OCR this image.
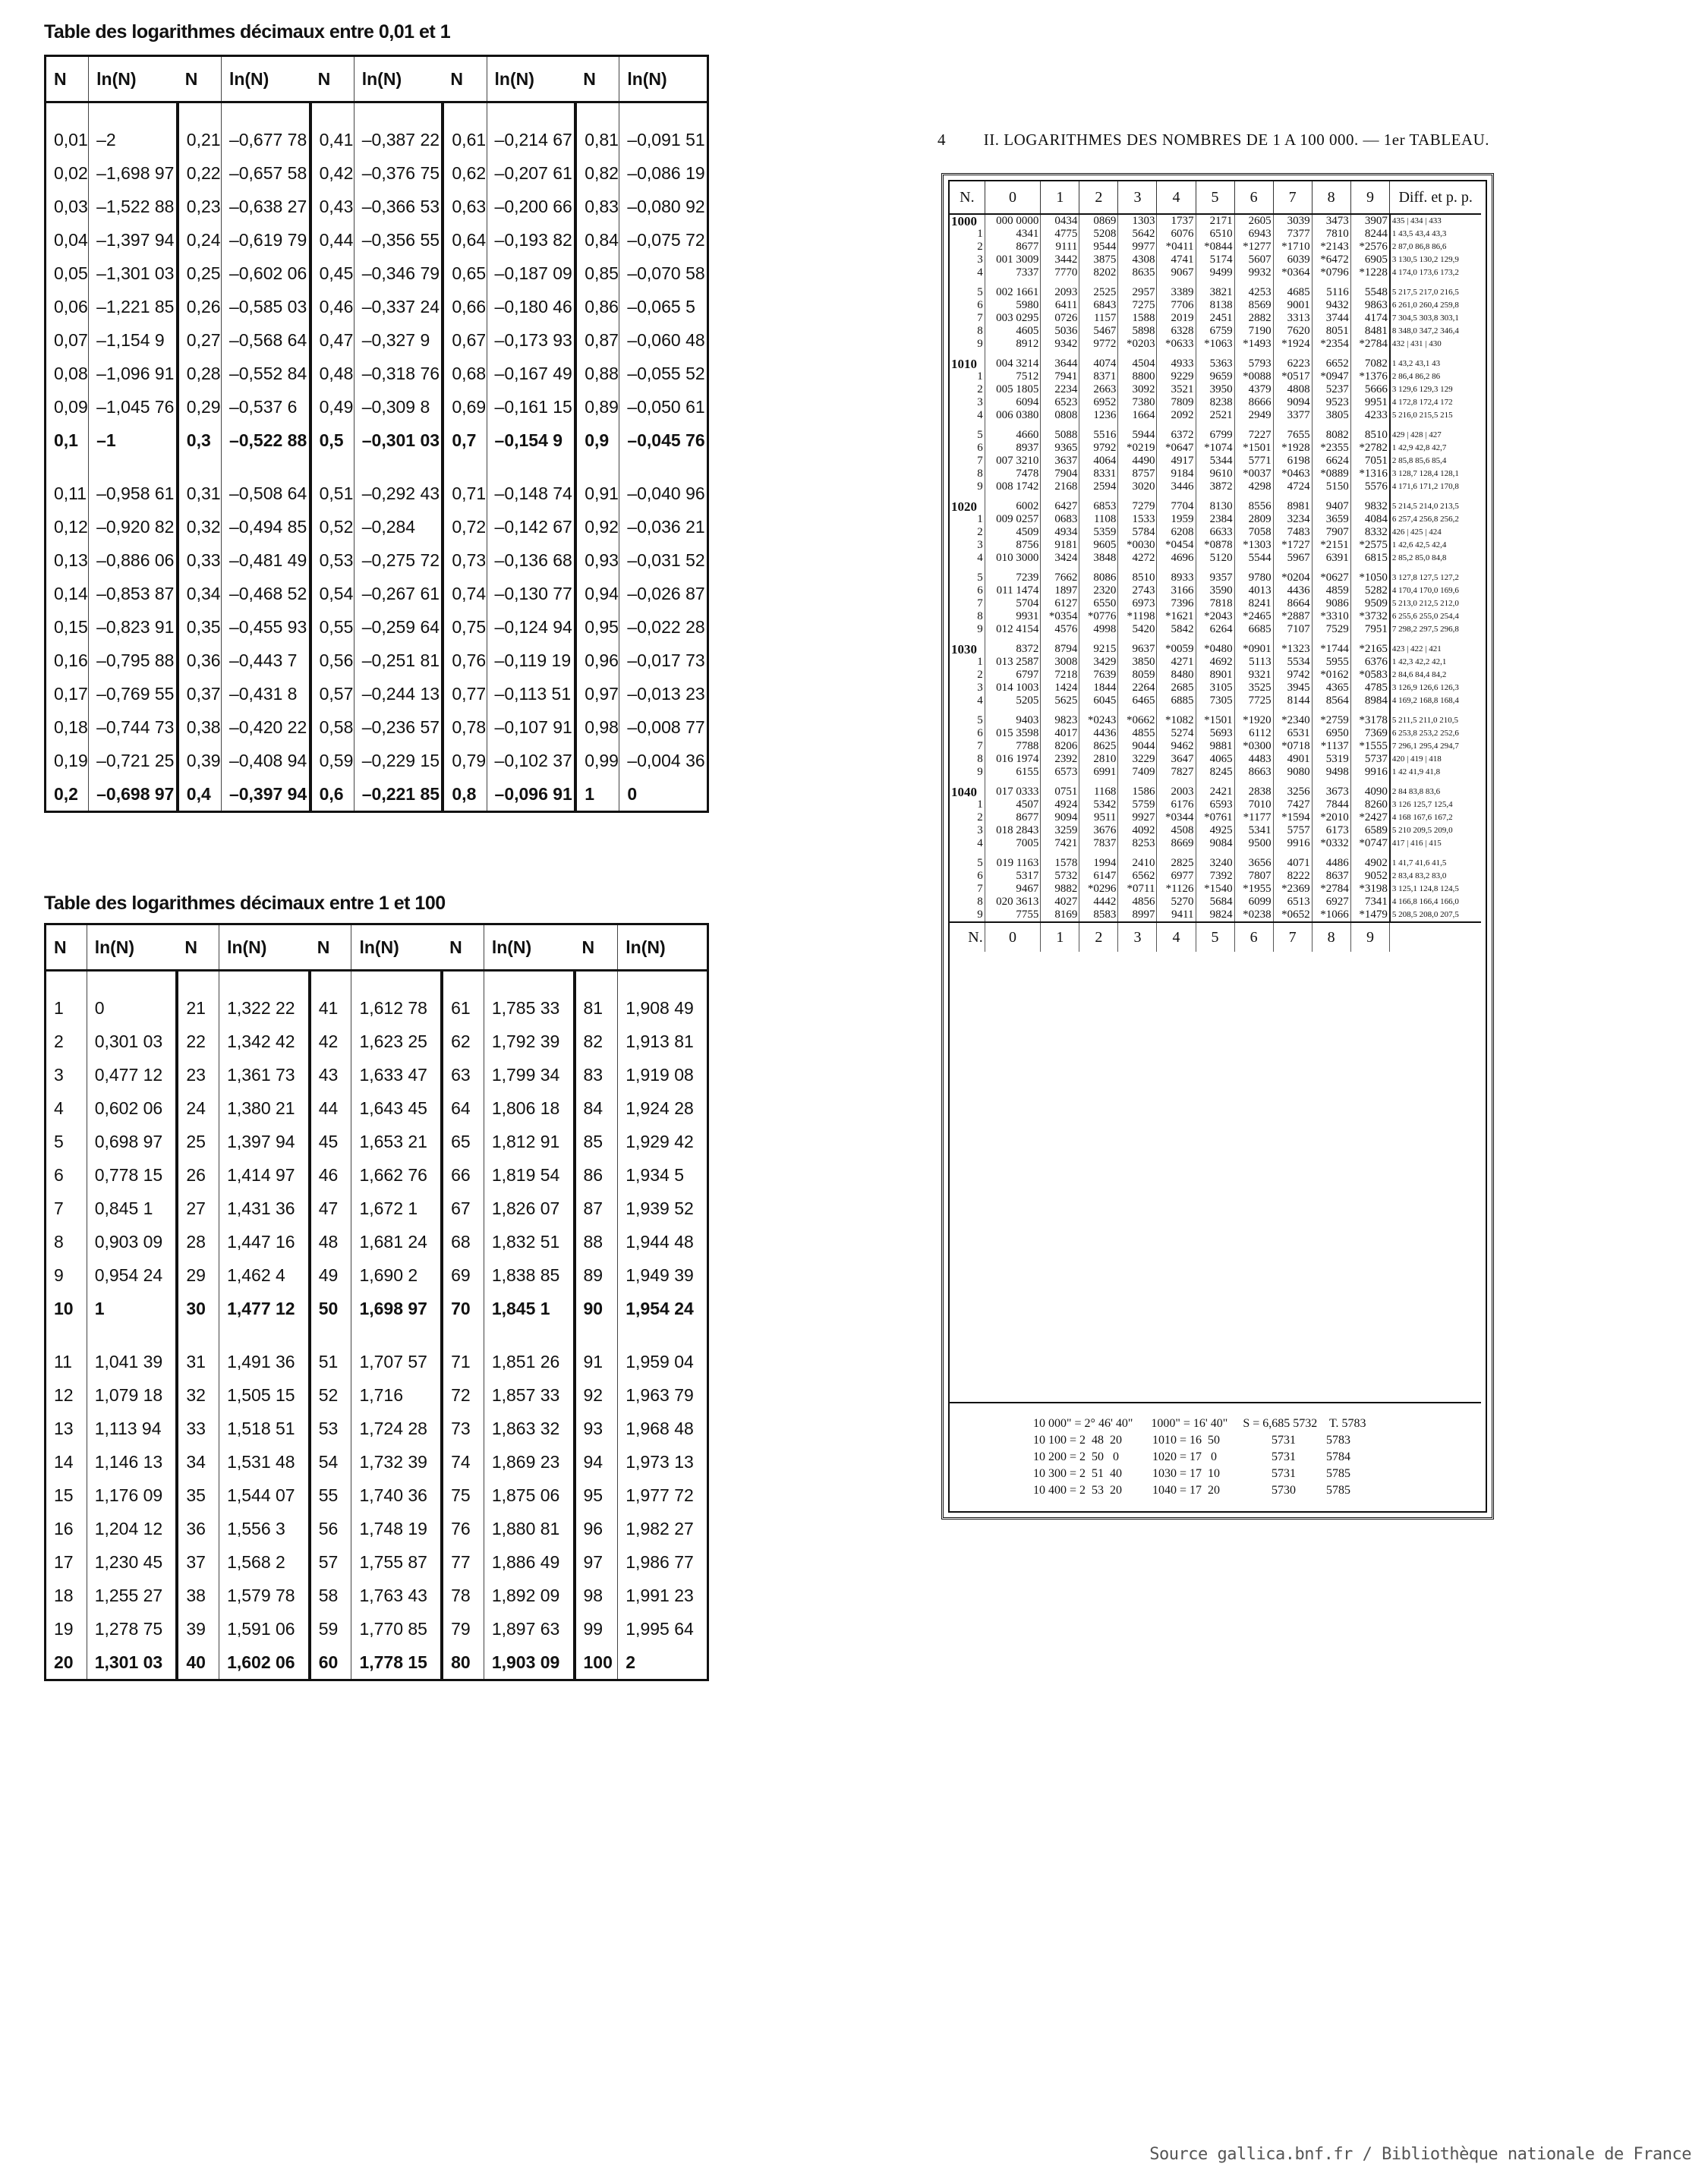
Table des logarithmes décimaux entre 0,01 et 1
N	ln(N)	N	ln(N)	N	ln(N)	N	ln(N)	N	ln(N)

0,01	–2	0,21	–0,677 78	0,41	–0,387 22	0,61	–0,214 67	0,81	–0,091 51
0,02	–1,698 97	0,22	–0,657 58	0,42	–0,376 75	0,62	–0,207 61	0,82	–0,086 19
0,03	–1,522 88	0,23	–0,638 27	0,43	–0,366 53	0,63	–0,200 66	0,83	–0,080 92
0,04	–1,397 94	0,24	–0,619 79	0,44	–0,356 55	0,64	–0,193 82	0,84	–0,075 72
0,05	–1,301 03	0,25	–0,602 06	0,45	–0,346 79	0,65	–0,187 09	0,85	–0,070 58
0,06	–1,221 85	0,26	–0,585 03	0,46	–0,337 24	0,66	–0,180 46	0,86	–0,065 5
0,07	–1,154 9	0,27	–0,568 64	0,47	–0,327 9	0,67	–0,173 93	0,87	–0,060 48
0,08	–1,096 91	0,28	–0,552 84	0,48	–0,318 76	0,68	–0,167 49	0,88	–0,055 52
0,09	–1,045 76	0,29	–0,537 6	0,49	–0,309 8	0,69	–0,161 15	0,89	–0,050 61
0,1	–1	0,3	–0,522 88	0,5	–0,301 03	0,7	–0,154 9	0,9	–0,045 76

0,11	–0,958 61	0,31	–0,508 64	0,51	–0,292 43	0,71	–0,148 74	0,91	–0,040 96
0,12	–0,920 82	0,32	–0,494 85	0,52	–0,284	0,72	–0,142 67	0,92	–0,036 21
0,13	–0,886 06	0,33	–0,481 49	0,53	–0,275 72	0,73	–0,136 68	0,93	–0,031 52
0,14	–0,853 87	0,34	–0,468 52	0,54	–0,267 61	0,74	–0,130 77	0,94	–0,026 87
0,15	–0,823 91	0,35	–0,455 93	0,55	–0,259 64	0,75	–0,124 94	0,95	–0,022 28
0,16	–0,795 88	0,36	–0,443 7	0,56	–0,251 81	0,76	–0,119 19	0,96	–0,017 73
0,17	–0,769 55	0,37	–0,431 8	0,57	–0,244 13	0,77	–0,113 51	0,97	–0,013 23
0,18	–0,744 73	0,38	–0,420 22	0,58	–0,236 57	0,78	–0,107 91	0,98	–0,008 77
0,19	–0,721 25	0,39	–0,408 94	0,59	–0,229 15	0,79	–0,102 37	0,99	–0,004 36
0,2	–0,698 97	0,4	–0,397 94	0,6	–0,221 85	0,8	–0,096 91	1	0
Table des logarithmes décimaux entre 1 et 100
N	ln(N)	N	ln(N)	N	ln(N)	N	ln(N)	N	ln(N)

1	0	21	1,322 22	41	1,612 78	61	1,785 33	81	1,908 49
2	0,301 03	22	1,342 42	42	1,623 25	62	1,792 39	82	1,913 81
3	0,477 12	23	1,361 73	43	1,633 47	63	1,799 34	83	1,919 08
4	0,602 06	24	1,380 21	44	1,643 45	64	1,806 18	84	1,924 28
5	0,698 97	25	1,397 94	45	1,653 21	65	1,812 91	85	1,929 42
6	0,778 15	26	1,414 97	46	1,662 76	66	1,819 54	86	1,934 5
7	0,845 1	27	1,431 36	47	1,672 1	67	1,826 07	87	1,939 52
8	0,903 09	28	1,447 16	48	1,681 24	68	1,832 51	88	1,944 48
9	0,954 24	29	1,462 4	49	1,690 2	69	1,838 85	89	1,949 39
10	1	30	1,477 12	50	1,698 97	70	1,845 1	90	1,954 24

11	1,041 39	31	1,491 36	51	1,707 57	71	1,851 26	91	1,959 04
12	1,079 18	32	1,505 15	52	1,716	72	1,857 33	92	1,963 79
13	1,113 94	33	1,518 51	53	1,724 28	73	1,863 32	93	1,968 48
14	1,146 13	34	1,531 48	54	1,732 39	74	1,869 23	94	1,973 13
15	1,176 09	35	1,544 07	55	1,740 36	75	1,875 06	95	1,977 72
16	1,204 12	36	1,556 3	56	1,748 19	76	1,880 81	96	1,982 27
17	1,230 45	37	1,568 2	57	1,755 87	77	1,886 49	97	1,986 77
18	1,255 27	38	1,579 78	58	1,763 43	78	1,892 09	98	1,991 23
19	1,278 75	39	1,591 06	59	1,770 85	79	1,897 63	99	1,995 64
20	1,301 03	40	1,602 06	60	1,778 15	80	1,903 09	100	2
4 II. LOGARITHMES DES NOMBRES DE 1 A 100 000. — 1er TABLEAU.
N.	0	1	2	3	4	5	6	7	8	9	Diff. et p. p.
1000	000 0000	0434	0869	1303	1737	2171	2605	3039	3473	3907	435 | 434 | 433
1	4341	4775	5208	5642	6076	6510	6943	7377	7810	8244	1 43,5 43,4 43,3
2	8677	9111	9544	9977	*0411	*0844	*1277	*1710	*2143	*2576	2 87,0 86,8 86,6
3	001 3009	3442	3875	4308	4741	5174	5607	6039	*6472	6905	3 130,5 130,2 129,9
4	7337	7770	8202	8635	9067	9499	9932	*0364	*0796	*1228	4 174,0 173,6 173,2
5	002 1661	2093	2525	2957	3389	3821	4253	4685	5116	5548	5 217,5 217,0 216,5
6	5980	6411	6843	7275	7706	8138	8569	9001	9432	9863	6 261,0 260,4 259,8
7	003 0295	0726	1157	1588	2019	2451	2882	3313	3744	4174	7 304,5 303,8 303,1
8	4605	5036	5467	5898	6328	6759	7190	7620	8051	8481	8 348,0 347,2 346,4
9	8912	9342	9772	*0203	*0633	*1063	*1493	*1924	*2354	*2784	432 | 431 | 430
1010	004 3214	3644	4074	4504	4933	5363	5793	6223	6652	7082	1 43,2 43,1 43
1	7512	7941	8371	8800	9229	9659	*0088	*0517	*0947	*1376	2 86,4 86,2 86
2	005 1805	2234	2663	3092	3521	3950	4379	4808	5237	5666	3 129,6 129,3 129
3	6094	6523	6952	7380	7809	8238	8666	9094	9523	9951	4 172,8 172,4 172
4	006 0380	0808	1236	1664	2092	2521	2949	3377	3805	4233	5 216,0 215,5 215
5	4660	5088	5516	5944	6372	6799	7227	7655	8082	8510	429 | 428 | 427
6	8937	9365	9792	*0219	*0647	*1074	*1501	*1928	*2355	*2782	1 42,9 42,8 42,7
7	007 3210	3637	4064	4490	4917	5344	5771	6198	6624	7051	2 85,8 85,6 85,4
8	7478	7904	8331	8757	9184	9610	*0037	*0463	*0889	*1316	3 128,7 128,4 128,1
9	008 1742	2168	2594	3020	3446	3872	4298	4724	5150	5576	4 171,6 171,2 170,8
1020	6002	6427	6853	7279	7704	8130	8556	8981	9407	9832	5 214,5 214,0 213,5
1	009 0257	0683	1108	1533	1959	2384	2809	3234	3659	4084	6 257,4 256,8 256,2
2	4509	4934	5359	5784	6208	6633	7058	7483	7907	8332	426 | 425 | 424
3	8756	9181	9605	*0030	*0454	*0878	*1303	*1727	*2151	*2575	1 42,6 42,5 42,4
4	010 3000	3424	3848	4272	4696	5120	5544	5967	6391	6815	2 85,2 85,0 84,8
5	7239	7662	8086	8510	8933	9357	9780	*0204	*0627	*1050	3 127,8 127,5 127,2
6	011 1474	1897	2320	2743	3166	3590	4013	4436	4859	5282	4 170,4 170,0 169,6
7	5704	6127	6550	6973	7396	7818	8241	8664	9086	9509	5 213,0 212,5 212,0
8	9931	*0354	*0776	*1198	*1621	*2043	*2465	*2887	*3310	*3732	6 255,6 255,0 254,4
9	012 4154	4576	4998	5420	5842	6264	6685	7107	7529	7951	7 298,2 297,5 296,8
1030	8372	8794	9215	9637	*0059	*0480	*0901	*1323	*1744	*2165	423 | 422 | 421
1	013 2587	3008	3429	3850	4271	4692	5113	5534	5955	6376	1 42,3 42,2 42,1
2	6797	7218	7639	8059	8480	8901	9321	9742	*0162	*0583	2 84,6 84,4 84,2
3	014 1003	1424	1844	2264	2685	3105	3525	3945	4365	4785	3 126,9 126,6 126,3
4	5205	5625	6045	6465	6885	7305	7725	8144	8564	8984	4 169,2 168,8 168,4
5	9403	9823	*0243	*0662	*1082	*1501	*1920	*2340	*2759	*3178	5 211,5 211,0 210,5
6	015 3598	4017	4436	4855	5274	5693	6112	6531	6950	7369	6 253,8 253,2 252,6
7	7788	8206	8625	9044	9462	9881	*0300	*0718	*1137	*1555	7 296,1 295,4 294,7
8	016 1974	2392	2810	3229	3647	4065	4483	4901	5319	5737	420 | 419 | 418
9	6155	6573	6991	7409	7827	8245	8663	9080	9498	9916	1 42 41,9 41,8
1040	017 0333	0751	1168	1586	2003	2421	2838	3256	3673	4090	2 84 83,8 83,6
1	4507	4924	5342	5759	6176	6593	7010	7427	7844	8260	3 126 125,7 125,4
2	8677	9094	9511	9927	*0344	*0761	*1177	*1594	*2010	*2427	4 168 167,6 167,2
3	018 2843	3259	3676	4092	4508	4925	5341	5757	6173	6589	5 210 209,5 209,0
4	7005	7421	7837	8253	8669	9084	9500	9916	*0332	*0747	417 | 416 | 415
5	019 1163	1578	1994	2410	2825	3240	3656	4071	4486	4902	1 41,7 41,6 41,5
6	5317	5732	6147	6562	6977	7392	7807	8222	8637	9052	2 83,4 83,2 83,0
7	9467	9882	*0296	*0711	*1126	*1540	*1955	*2369	*2784	*3198	3 125,1 124,8 124,5
8	020 3613	4027	4442	4856	5270	5684	6099	6513	6927	7341	4 166,8 166,4 166,0
9	7755	8169	8583	8997	9411	9824	*0238	*0652	*1066	*1479	5 208,5 208,0 207,5
N.	0	1	2	3	4	5	6	7	8	9	
10 000" = 2° 46' 40"      1000" = 16' 40"     S = 6,685 5732    T. 5783
10 100 = 2  48  20          1010 = 16  50                 5731          5783
10 200 = 2  50   0           1020 = 17   0                  5731          5784
10 300 = 2  51  40          1030 = 17  10                 5731          5785
10 400 = 2  53  20          1040 = 17  20                 5730          5785
Source gallica.bnf.fr / Bibliothèque nationale de France
